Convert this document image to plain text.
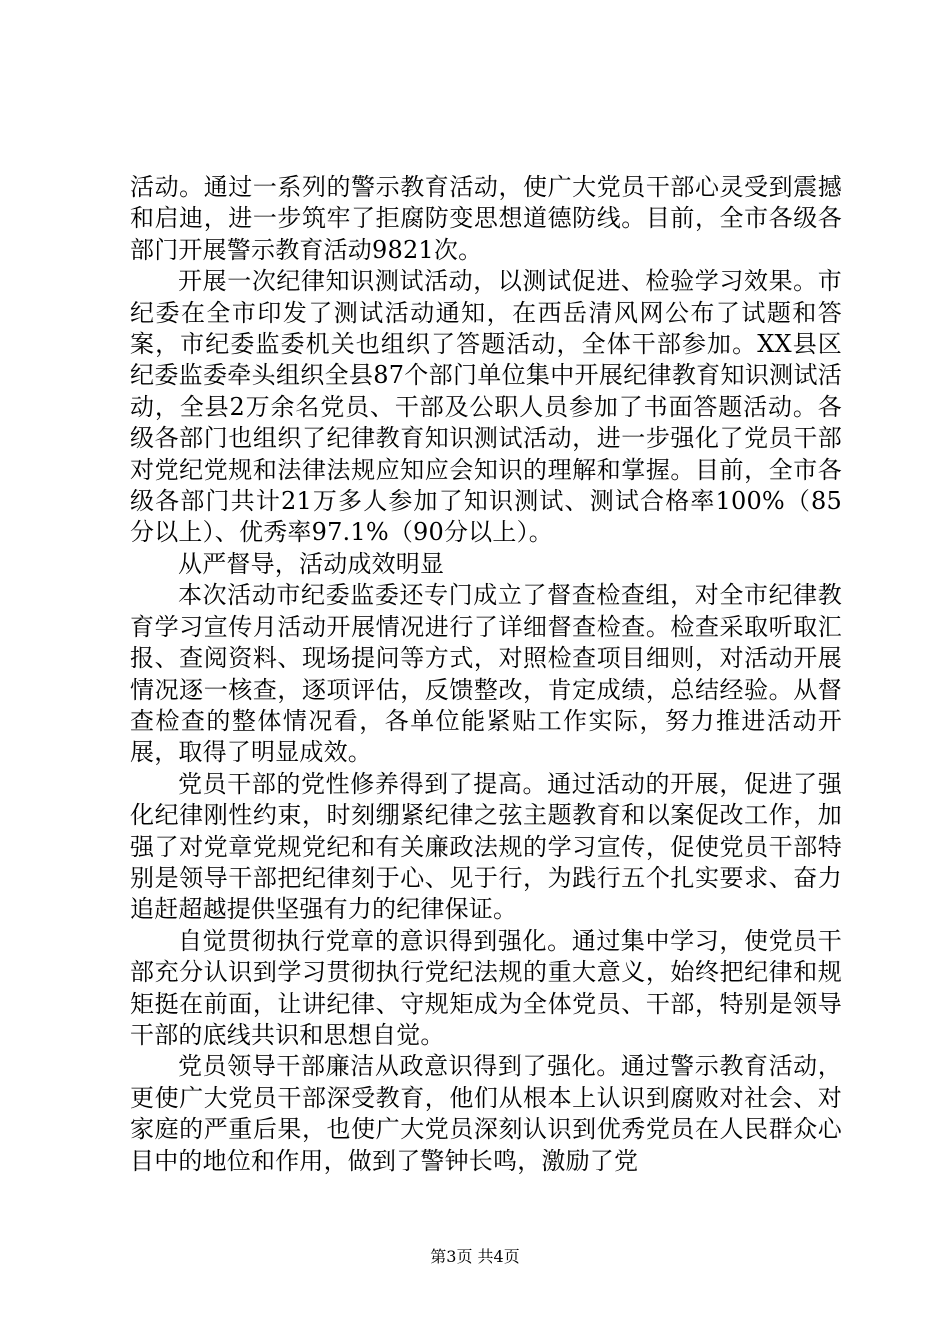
活动。通过一系列的警示教育活动，使广大党员干部心灵受到震撼和启迪，进一步筑牢了拒腐防变思想道德防线。目前，全市各级各部门开展警示教育活动9821次。

开展一次纪律知识测试活动，以测试促进、检验学习效果。市纪委在全市印发了测试活动通知，在西岳清风网公布了试题和答案，市纪委监委机关也组织了答题活动，全体干部参加。XX县区纪委监委牵头组织全县87个部门单位集中开展纪律教育知识测试活动，全县2万余名党员、干部及公职人员参加了书面答题活动。各级各部门也组织了纪律教育知识测试活动，进一步强化了党员干部对党纪党规和法律法规应知应会知识的理解和掌握。目前，全市各级各部门共计21万多人参加了知识测试、测试合格率100%（85分以上）、优秀率97.1%（90分以上）。

从严督导，活动成效明显

本次活动市纪委监委还专门成立了督查检查组，对全市纪律教育学习宣传月活动开展情况进行了详细督查检查。检查采取听取汇报、查阅资料、现场提问等方式，对照检查项目细则，对活动开展情况逐一核查，逐项评估，反馈整改，肯定成绩，总结经验。从督查检查的整体情况看，各单位能紧贴工作实际，努力推进活动开展，取得了明显成效。

党员干部的党性修养得到了提高。通过活动的开展，促进了强化纪律刚性约束，时刻绷紧纪律之弦主题教育和以案促改工作，加强了对党章党规党纪和有关廉政法规的学习宣传，促使党员干部特别是领导干部把纪律刻于心、见于行，为践行五个扎实要求、奋力追赶超越提供坚强有力的纪律保证。

自觉贯彻执行党章的意识得到强化。通过集中学习，使党员干部充分认识到学习贯彻执行党纪法规的重大意义，始终把纪律和规矩挺在前面，让讲纪律、守规矩成为全体党员、干部，特别是领导干部的底线共识和思想自觉。

党员领导干部廉洁从政意识得到了强化。通过警示教育活动，更使广大党员干部深受教育，他们从根本上认识到腐败对社会、对家庭的严重后果，也使广大党员深刻认识到优秀党员在人民群众心目中的地位和作用，做到了警钟长鸣，激励了党

第3页 共4页
